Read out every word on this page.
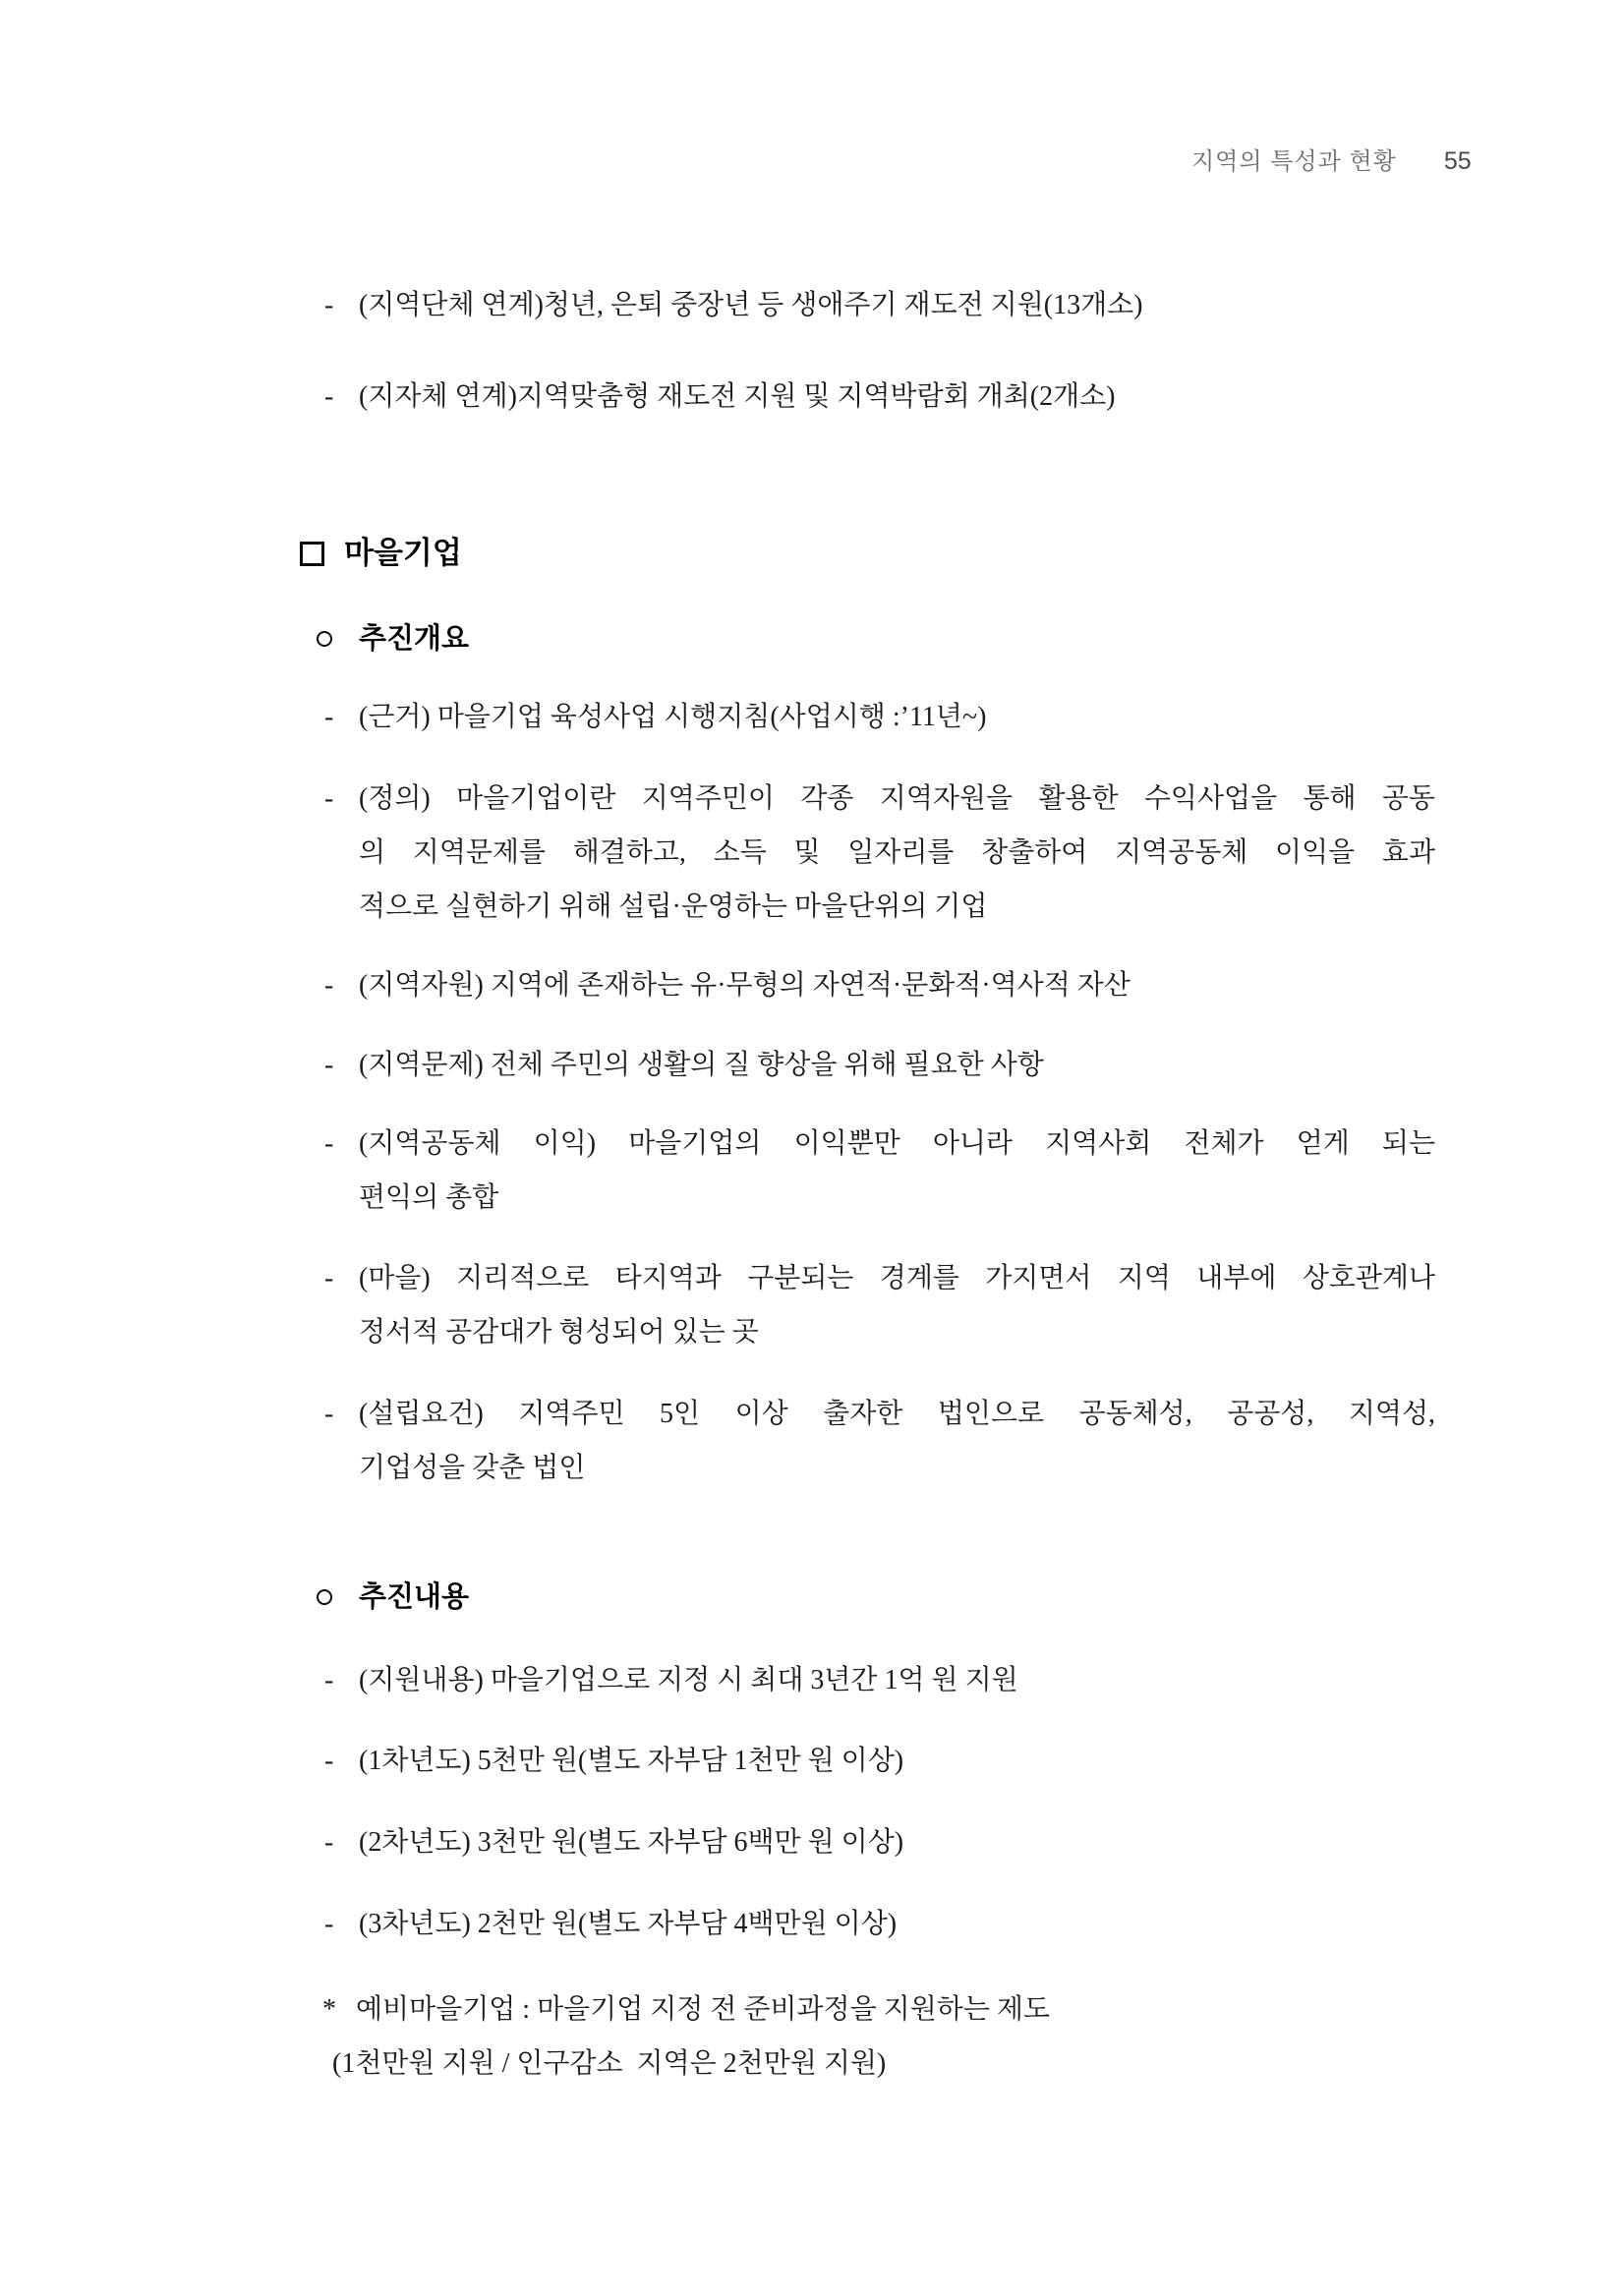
지역의 특성과 현황 55
- (지역단체 연계)청년, 은퇴 중장년 등 생애주기 재도전 지원(13개소)
- (지자체 연계)지역맞춤형 재도전 지원 및 지역박람회 개최(2개소)
마을기업
추진개요
- (근거) 마을기업 육성사업 시행지침(사업시행 :’11년~)
- (정의) 마을기업이란 지역주민이 각종 지역자원을 활용한 수익사업을 통해 공동
의 지역문제를 해결하고, 소득 및 일자리를 창출하여 지역공동체 이익을 효과
적으로 실현하기 위해 설립·운영하는 마을단위의 기업
- (지역자원) 지역에 존재하는 유·무형의 자연적·문화적·역사적 자산
- (지역문제) 전체 주민의 생활의 질 향상을 위해 필요한 사항
- (지역공동체 이익) 마을기업의 이익뿐만 아니라 지역사회 전체가 얻게 되는
편익의 총합
- (마을) 지리적으로 타지역과 구분되는 경계를 가지면서 지역 내부에 상호관계나
정서적 공감대가 형성되어 있는 곳
- (설립요건) 지역주민 5인 이상 출자한 법인으로 공동체성, 공공성, 지역성,
기업성을 갖춘 법인
추진내용
- (지원내용) 마을기업으로 지정 시 최대 3년간 1억 원 지원
- (1차년도) 5천만 원(별도 자부담 1천만 원 이상)
- (2차년도) 3천만 원(별도 자부담 6백만 원 이상)
- (3차년도) 2천만 원(별도 자부담 4백만원 이상)
* 예비마을기업 : 마을기업 지정 전 준비과정을 지원하는 제도
(1천만원 지원 / 인구감소  지역은 2천만원 지원)
